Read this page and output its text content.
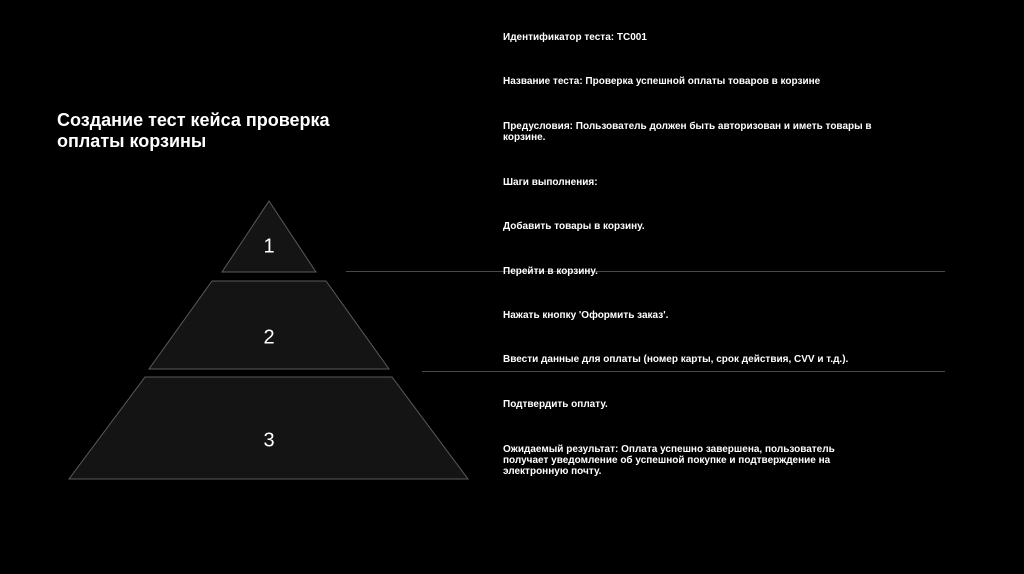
Создание тест кейса проверка оплаты корзины
1
2
3
Идентификатор теста: TC001
Название теста: Проверка успешной оплаты товаров в корзине
Предусловия: Пользователь должен быть авторизован и иметь товары в корзине.
Шаги выполнения:
Добавить товары в корзину.
Перейти в корзину.
Нажать кнопку 'Оформить заказ'.
Ввести данные для оплаты (номер карты, срок действия, CVV и т.д.).
Подтвердить оплату.
Ожидаемый результат: Оплата успешно завершена, пользователь получает уведомление об успешной покупке и подтверждение на электронную почту.
